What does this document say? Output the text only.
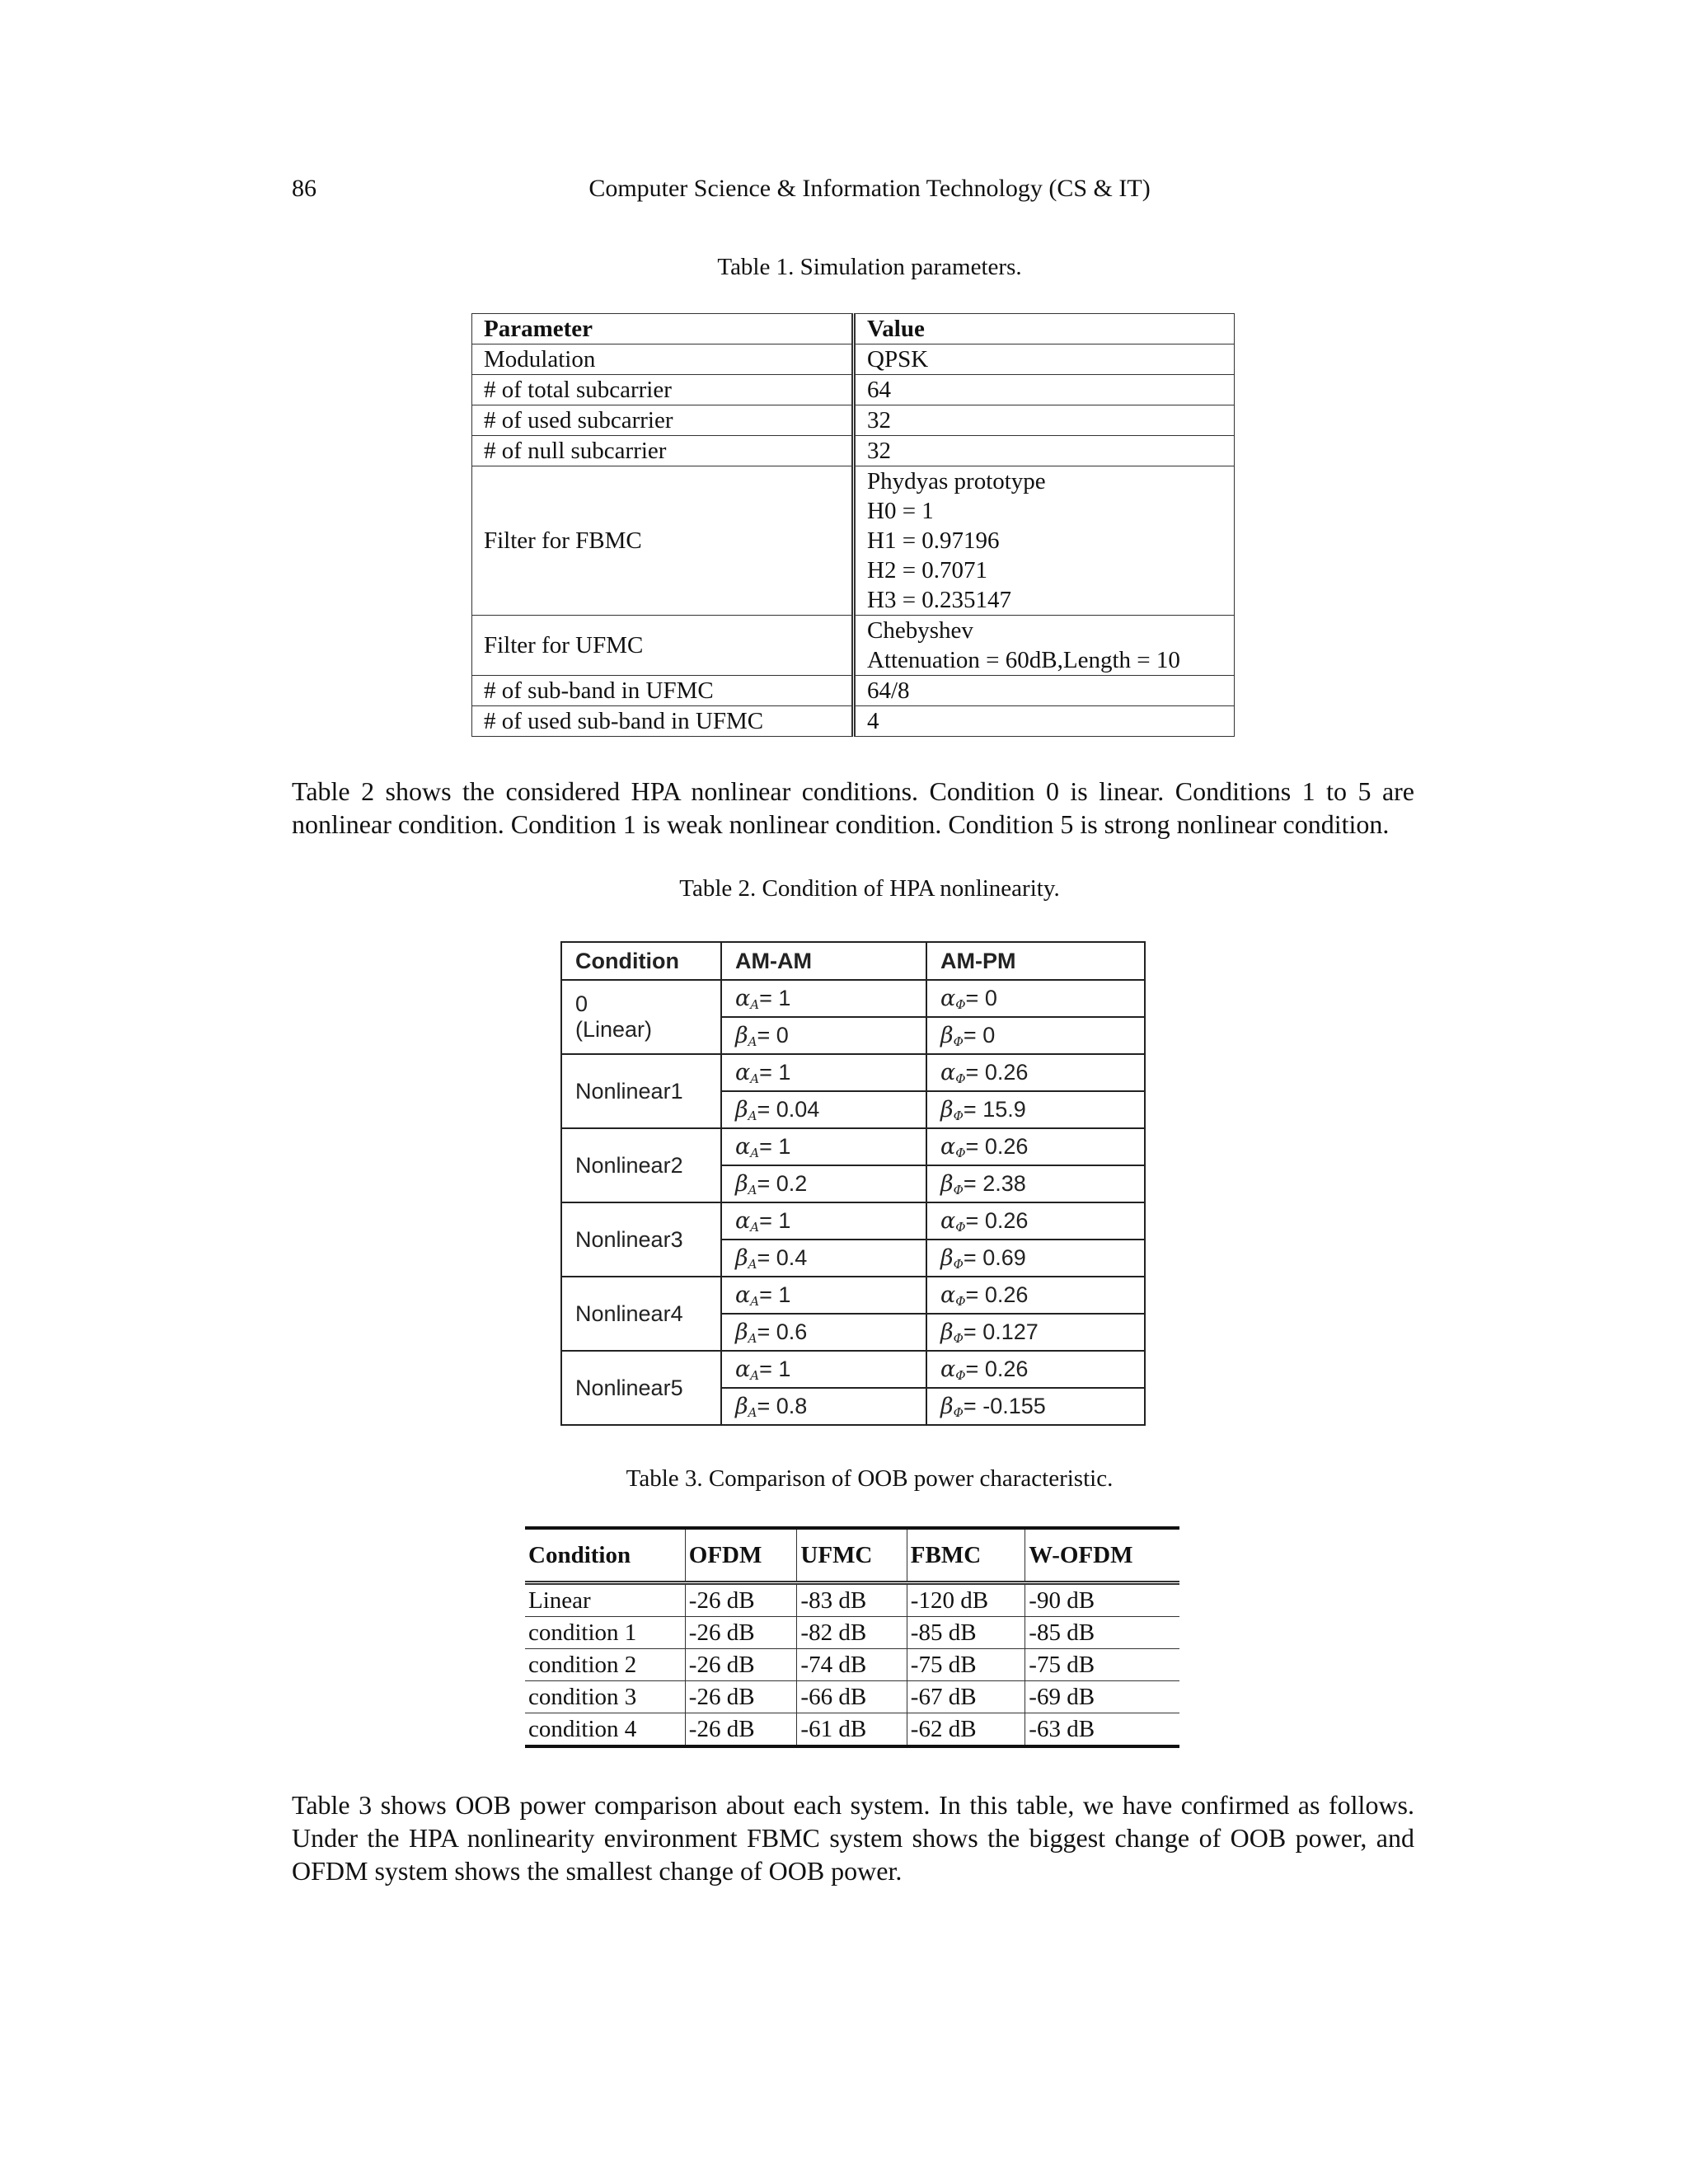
86	Computer Science & Information Technology (CS & IT)
Table 1. Simulation parameters.
Parameter	Value
Modulation	QPSK
# of total subcarrier	64
# of used subcarrier	32
# of null subcarrier	32
Filter for FBMC	Phydyas prototype
H0 = 1
H1 = 0.97196
H2 = 0.7071
H3 = 0.235147

Filter for UFMC	Chebyshev
Attenuation = 60dB,Length = 10

# of sub-band in UFMC	64/8
# of used sub-band in UFMC	4
Table 2 shows the considered HPA nonlinear conditions. Condition 0 is linear. Conditions 1 to 5 are nonlinear condition. Condition 1 is weak nonlinear condition. Condition 5 is strong nonlinear condition.
Table 2. Condition of HPA nonlinearity.
Condition	AM-AM	AM-PM

0
(Linear)	$\alpha_A= 1$	$\alpha_\Phi= 0$
	$\beta_A= 0$	$\beta_\Phi= 0$
Nonlinear1	$\alpha_A= 1$	$\alpha_\Phi= 0.26$
	$\beta_A= 0.04$	$\beta_\Phi= 15.9$
Nonlinear2	$\alpha_A= 1$	$\alpha_\Phi= 0.26$
	$\beta_A= 0.2$	$\beta_\Phi= 2.38$
Nonlinear3	$\alpha_A= 1$	$\alpha_\Phi= 0.26$
	$\beta_A= 0.4$	$\beta_\Phi= 0.69$
Nonlinear4	$\alpha_A= 1$	$\alpha_\Phi= 0.26$
	$\beta_A= 0.6$	$\beta_\Phi= 0.127$
Nonlinear5	$\alpha_A= 1$	$\alpha_\Phi= 0.26$
	$\beta_A= 0.8$	$\beta_\Phi= -0.155$
Table 3. Comparison of OOB power characteristic.
Condition	OFDM	UFMC	FBMC	W-OFDM
Linear	-26 dB	-83 dB	-120 dB	-90 dB
condition 1	-26 dB	-82 dB	-85 dB	-85 dB
condition 2	-26 dB	-74 dB	-75 dB	-75 dB
condition 3	-26 dB	-66 dB	-67 dB	-69 dB
condition 4	-26 dB	-61 dB	-62 dB	-63 dB
Table 3 shows OOB power comparison about each system. In this table, we have confirmed as follows. Under the HPA nonlinearity environment FBMC system shows the biggest change of OOB power, and OFDM system shows the smallest change of OOB power.
